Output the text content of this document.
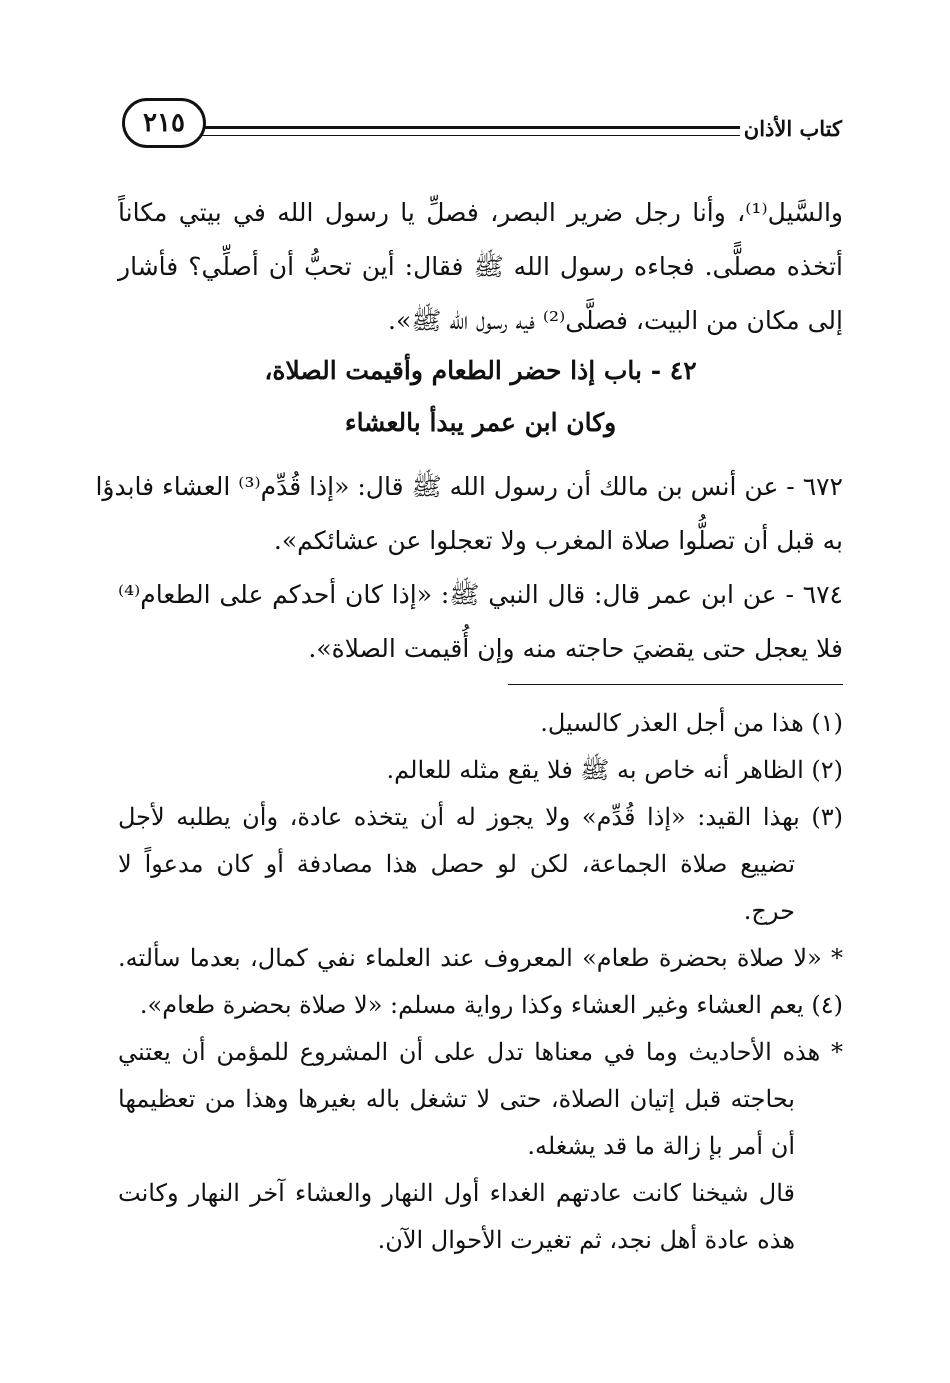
كتاب الأذان
٢١٥
والسَّيل⁽¹⁾، وأنا رجل ضرير البصر، فصلِّ يا رسول الله في بيتي مكاناً
أتخذه مصلًّى. فجاءه رسول الله ﷺ فقال: أين تحبُّ أن أصلِّي؟ فأشار
إلى مكان من البيت، فصلَّى⁽²⁾ فيه رسول الله ﷺ».
٤٢ - باب إذا حضر الطعام وأقيمت الصلاة،
وكان ابن عمر يبدأ بالعشاء
٦٧٢ - عن أنس بن مالك أن رسول الله ﷺ قال: «إذا قُدِّم⁽³⁾ العشاء فابدؤا
به قبل أن تصلُّوا صلاة المغرب ولا تعجلوا عن عشائكم».
٦٧٤ - عن ابن عمر قال: قال النبي ﷺ: «إذا كان أحدكم على الطعام⁽⁴⁾
فلا يعجل حتى يقضيَ حاجته منه وإن أُقيمت الصلاة».
(١) هذا من أجل العذر كالسيل.
(٢) الظاهر أنه خاص به ﷺ فلا يقع مثله للعالم.
(٣) بهذا القيد: «إذا قُدِّم» ولا يجوز له أن يتخذه عادة، وأن يطلبه لأجل
تضييع صلاة الجماعة، لكن لو حصل هذا مصادفة أو كان مدعواً لا
حرج.
* «لا صلاة بحضرة طعام» المعروف عند العلماء نفي كمال، بعدما سألته.
(٤) يعم العشاء وغير العشاء وكذا رواية مسلم: «لا صلاة بحضرة طعام».
* هذه الأحاديث وما في معناها تدل على أن المشروع للمؤمن أن يعتني
بحاجته قبل إتيان الصلاة، حتى لا تشغل باله بغيرها وهذا من تعظيمها
أن أمر بإ زالة ما قد يشغله.
قال شيخنا كانت عادتهم الغداء أول النهار والعشاء آخر النهار وكانت
هذه عادة أهل نجد، ثم تغيرت الأحوال الآن.
